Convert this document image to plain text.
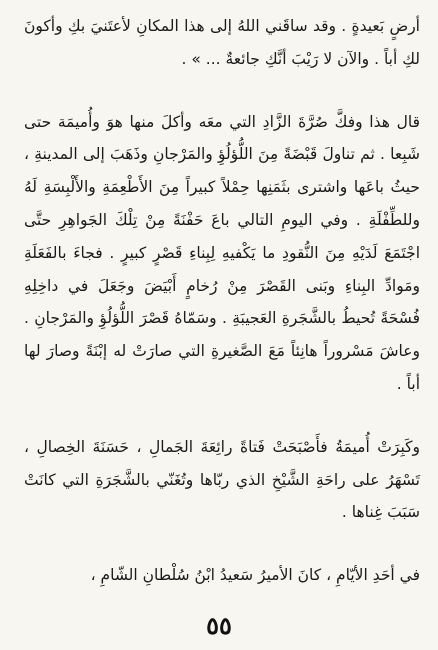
أرضٍ بَعيدةٍ . وقد ساقَني اللهُ إلى هذا المكانِ لأعتَنيَ بكِ وأكونَ لكِ أباً . والآن لا رَيْبَ أنَّكِ جائعةٌ ... » .

قال هذا وفكَّ صُرَّةَ الزَّادِ التي معَه وأكلَ منها هوَ وأُميمَة حتى شَبِعا . ثم تناولَ قَبْضَةً مِنَ اللُّؤلُؤِ والمَرْجانِ وذَهَبَ إلى المدينةِ ، حيثُ باعَها واشترى بثَمَنِها حِمْلاً كبيراً مِنَ الأَطْعِمَةِ والأَلْبِسَةِ لَهُ وللطِّفْلَةِ . وفي اليومِ التالي باعَ حَفْنَةً مِنْ تِلْكَ الجَواهِرِ حتَّى اجْتَمَعَ لَدَيْهِ مِنَ النُّقودِ ما يَكْفيهِ لِبِناءِ قَصْرٍ كبيرٍ . فجاءَ بالفَعَلَةِ ومَوادِّ البِناءِ وبَنى القَصْرَ مِنْ رُخامٍ أَبْيَضَ وجَعَلَ في داخِلِهِ فُسْحَةً تُحيطُ بالشَّجَرةِ العَجيبَةِ . وسَمّاهُ قَصْرَ اللُّؤلُؤِ والمَرْجانِ . وعاشَ مَسْروراً هانِئاً مَعَ الصَّغيرةِ التي صارَتْ له إبْنَةً وصارَ لها أباً .

وكَبِرَتْ أُميمَةُ فأَصْبَحَتْ فَتاةً رائِعَةَ الجَمالِ ، حَسَنَةَ الخِصالِ ، تَسْهَرُ على راحَةِ الشَّيْخِ الذي ربّاها وتُغَنّي بالشَّجَرَةِ التي كانَتْ سَبَبَ غِناها .

في أحَدِ الأيّامِ ، كانَ الأميرُ سَعيدُ ابْنُ سُلْطانِ الشّامِ ،

٥٥
